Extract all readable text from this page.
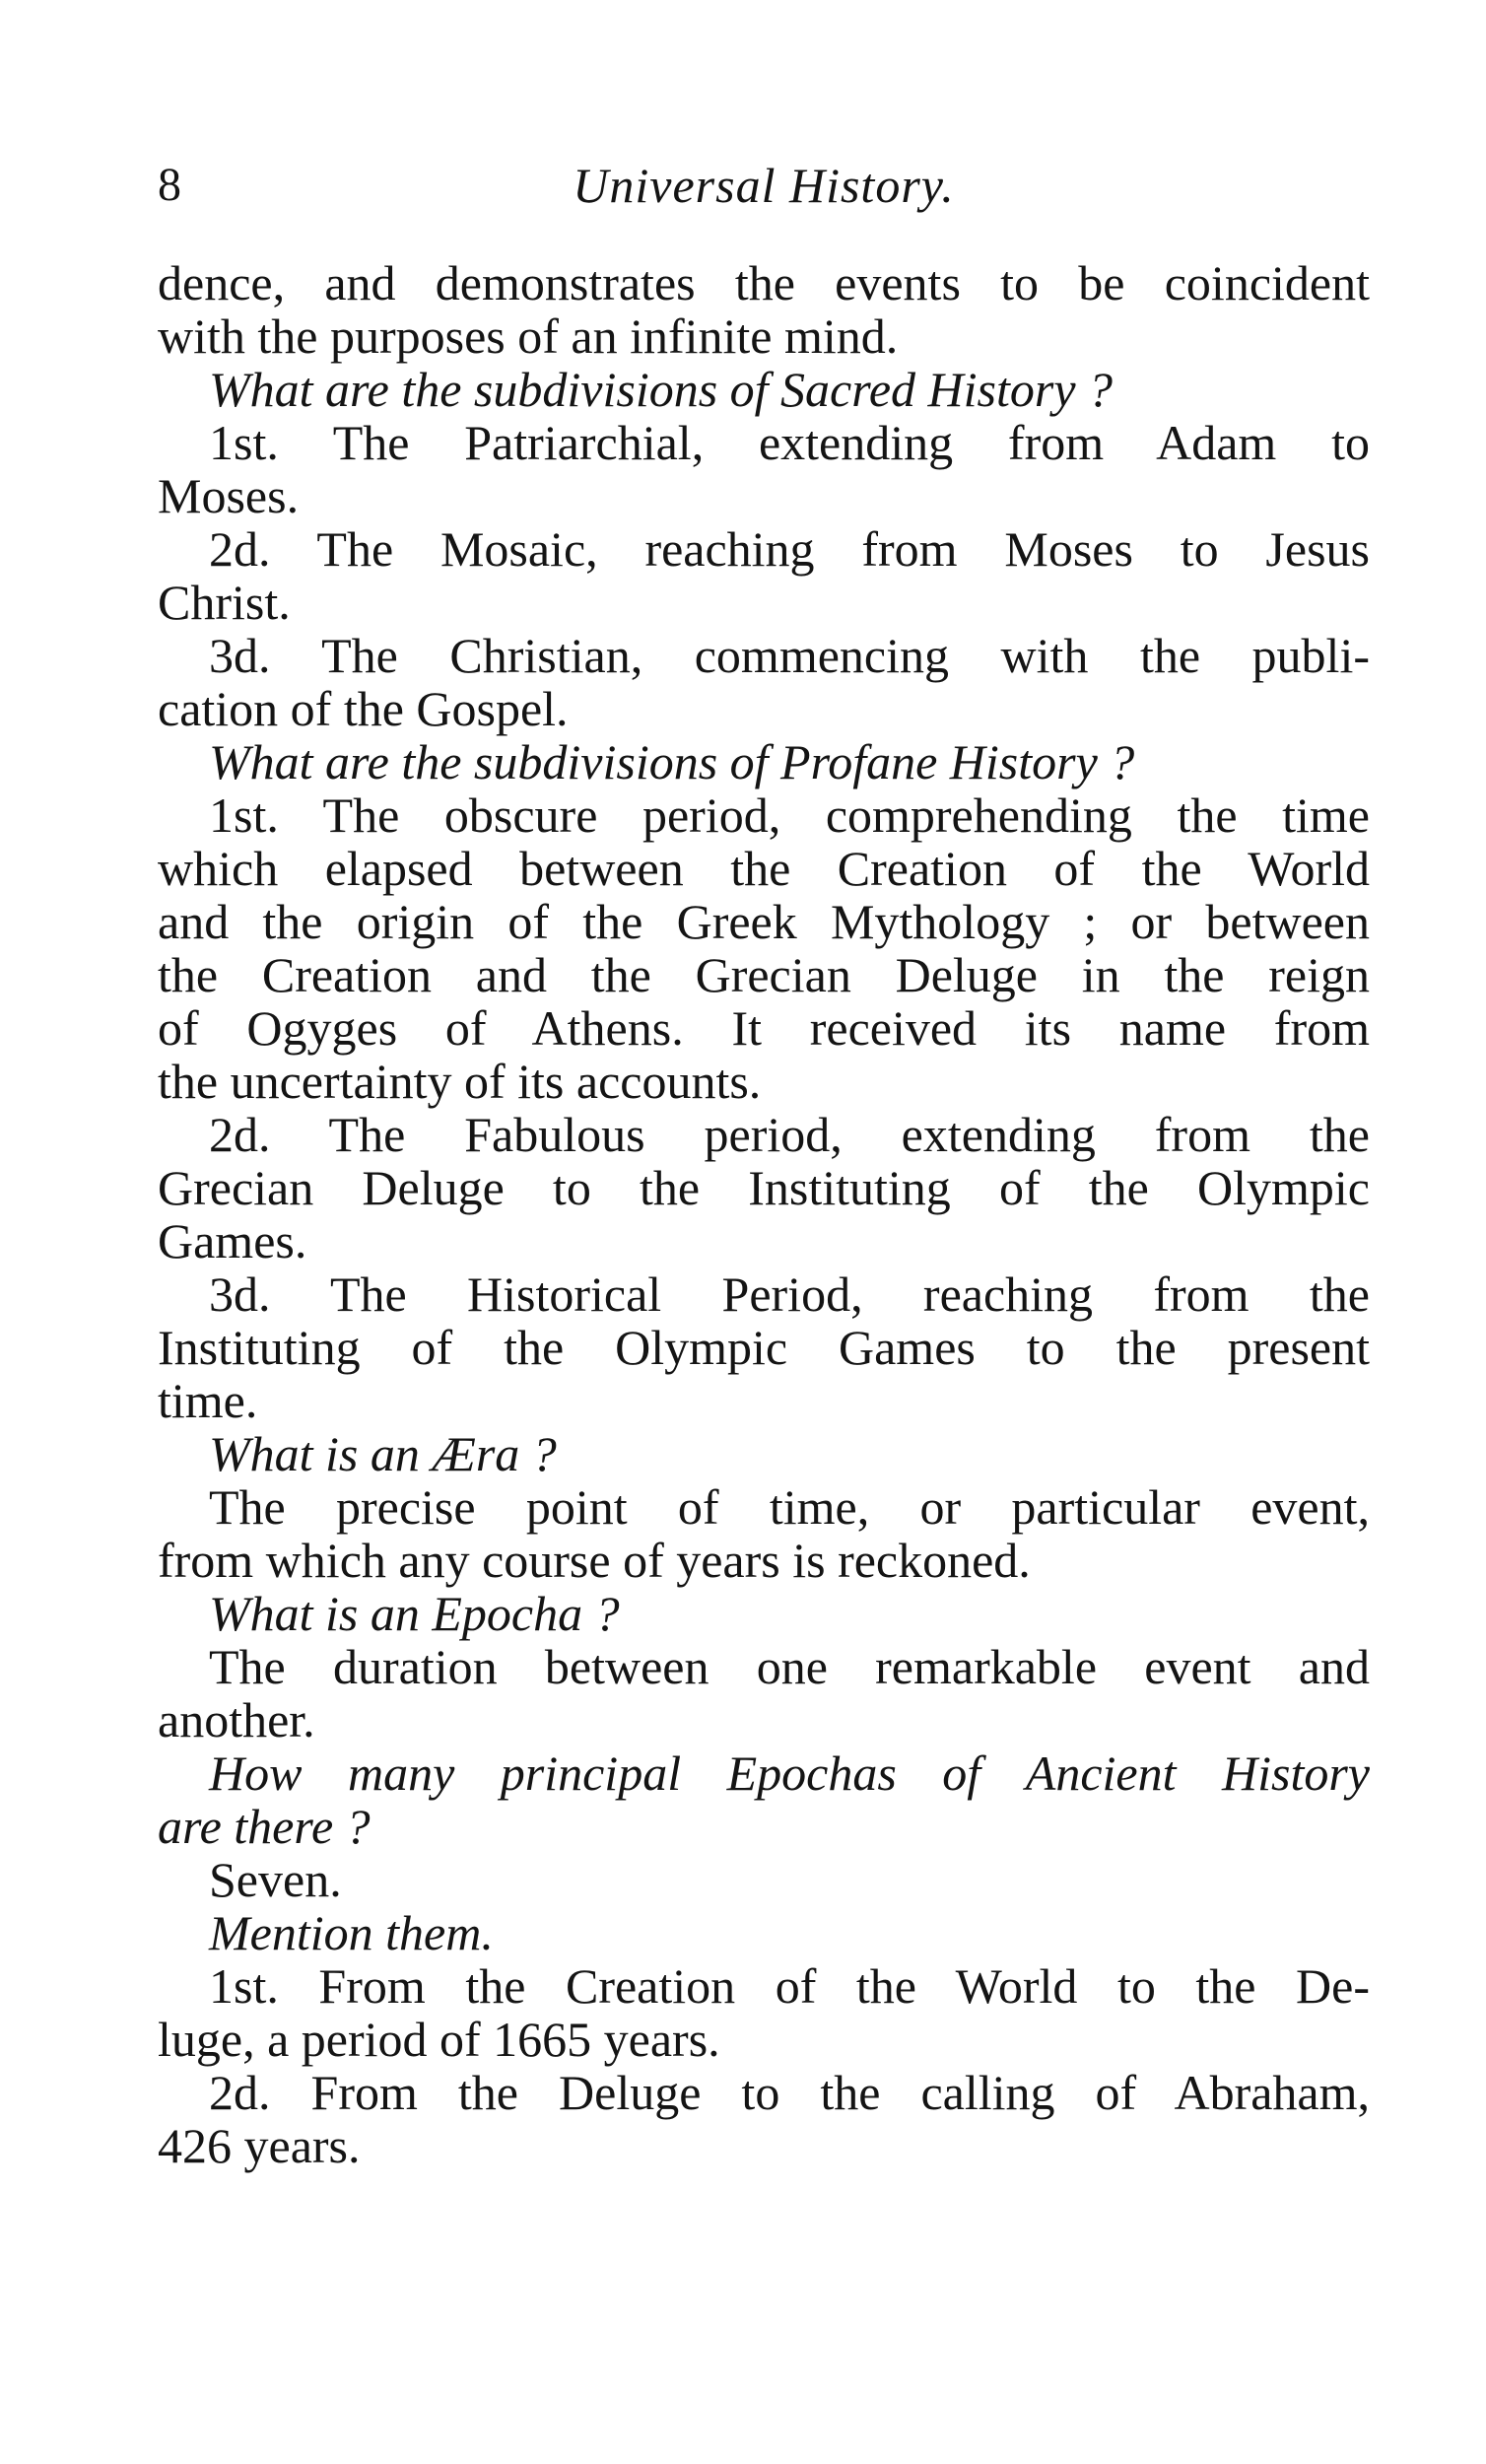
8	Universal History.
dence, and demonstrates the events to be coincident
with the purposes of an infinite mind.
What are the subdivisions of Sacred History ?
1st. The Patriarchial, extending from Adam to
Moses.
2d. The Mosaic, reaching from Moses to Jesus
Christ.
3d. The Christian, commencing with the publi-
cation of the Gospel.
What are the subdivisions of Profane History ?
1st. The obscure period, comprehending the time
which elapsed between the Creation of the World
and the origin of the Greek Mythology ; or between
the Creation and the Grecian Deluge in the reign
of Ogyges of Athens. It received its name from
the uncertainty of its accounts.
2d. The Fabulous period, extending from the
Grecian Deluge to the Instituting of the Olympic
Games.
3d. The Historical Period, reaching from the
Instituting of the Olympic Games to the present
time.
What is an Æra ?
The precise point of time, or particular event,
from which any course of years is reckoned.
What is an Epocha ?
The duration between one remarkable event and
another.
How many principal Epochas of Ancient History
are there ?
Seven.
Mention them.
1st. From the Creation of the World to the De-
luge, a period of 1665 years.
2d. From the Deluge to the calling of Abraham,
426 years.
